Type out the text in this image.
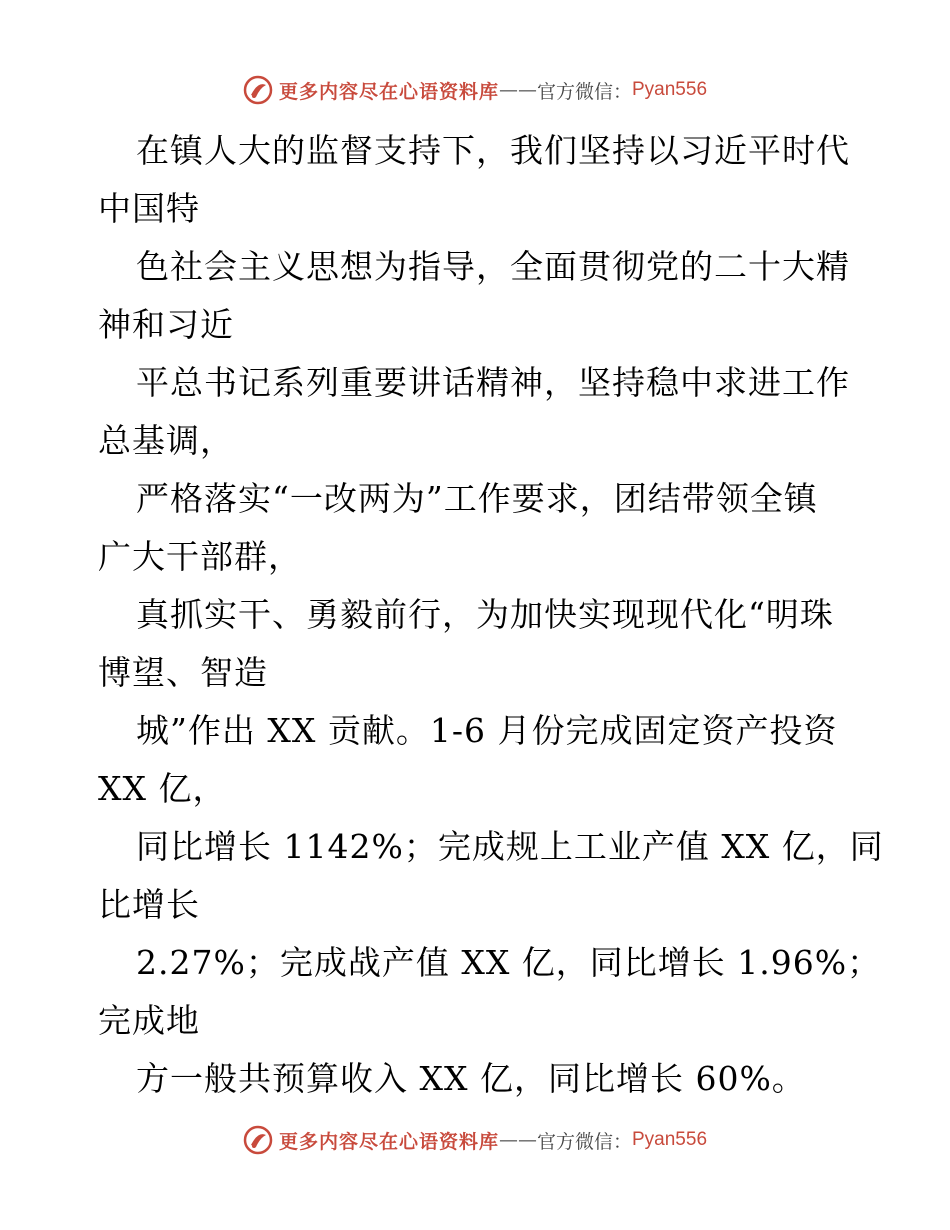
更多内容尽在心语资料库 —— 官方微信： Pyan556
在镇人大的监督支持下，我们坚持以习近平时代
中国特
色社会主义思想为指导，全面贯彻党的二十大精
神和习近
平总书记系列重要讲话精神，坚持稳中求进工作
总基调，
严格落实“一改两为”工作要求，团结带领全镇
广大干部群，
真抓实干、勇毅前行，为加快实现现代化“明珠
博望、智造
城”作出 XX 贡献。1-6 月份完成固定资产投资
XX 亿，
同比增长 1142%；完成规上工业产值 XX 亿，同
比增长
2.27%；完成战产值 XX 亿，同比增长 1.96%；
完成地
方一般共预算收入 XX 亿，同比增长 60%。
更多内容尽在心语资料库 —— 官方微信： Pyan556
